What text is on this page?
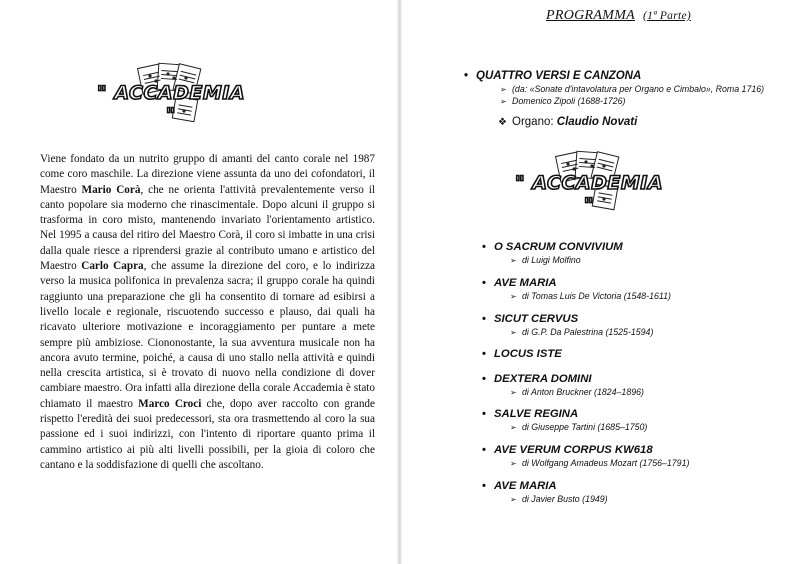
" ACCADEMIA "

Viene fondato da un nutrito gruppo di amanti del canto corale nel 1987 come coro maschile. La direzione viene assunta da uno dei cofondatori, il Maestro Mario Corà, che ne orienta l'attività prevalentemente verso il canto popolare sia moderno che rinascimentale. Dopo alcuni il gruppo si trasforma in coro misto, mantenendo invariato l'orientamento artistico. Nel 1995 a causa del ritiro del Maestro Corà, il coro si imbatte in una crisi dalla quale riesce a riprendersi grazie al contributo umano e artistico del Maestro Carlo Capra, che assume la direzione del coro, e lo indirizza verso la musica polifonica in prevalenza sacra; il gruppo corale ha quindi raggiunto una preparazione che gli ha consentito di tornare ad esibirsi a livello locale e regionale, riscuotendo successo e plauso, dai quali ha ricavato ulteriore motivazione e incoraggiamento per puntare a mete sempre più ambiziose. Ciononostante, la sua avventura musicale non ha ancora avuto termine, poiché, a causa di uno stallo nella attività e quindi nella crescita artistica, si è trovato di nuovo nella condizione di dover cambiare maestro. Ora infatti alla direzione della corale Accademia è stato chiamato il maestro Marco Croci che, dopo aver raccolto con grande rispetto l'eredità dei suoi predecessori, sta ora trasmettendo al coro la sua passione ed i suoi indirizzi, con l'intento di riportare quanto prima il cammino artistico ai più alti livelli possibili, per la gioia di coloro che cantano e la soddisfazione di quelli che ascoltano.

PROGRAMMA (1ª Parte)
• QUATTRO VERSI E CANZONA
➢ (da: «Sonate d'intavolatura per Organo e Cimbalo», Roma 1716)
➢ Domenico Zipoli (1688-1726)
❖ Organo: Claudio Novati
" ACCADEMIA "
• O SACRUM CONVIVIUM
➢ di Luigi Molfino
• AVE MARIA
➢ di Tomas Luis De Victoria (1548-1611)
• SICUT CERVUS
➢ di G.P. Da Palestrina (1525-1594)
• LOCUS ISTE
• DEXTERA DOMINI
➢ di Anton Bruckner (1824–1896)
• SALVE REGINA
➢ di Giuseppe Tartini (1685–1750)
• AVE VERUM CORPUS KW618
➢ di Wolfgang Amadeus Mozart (1756–1791)
• AVE MARIA
➢ di Javier Busto (1949)
